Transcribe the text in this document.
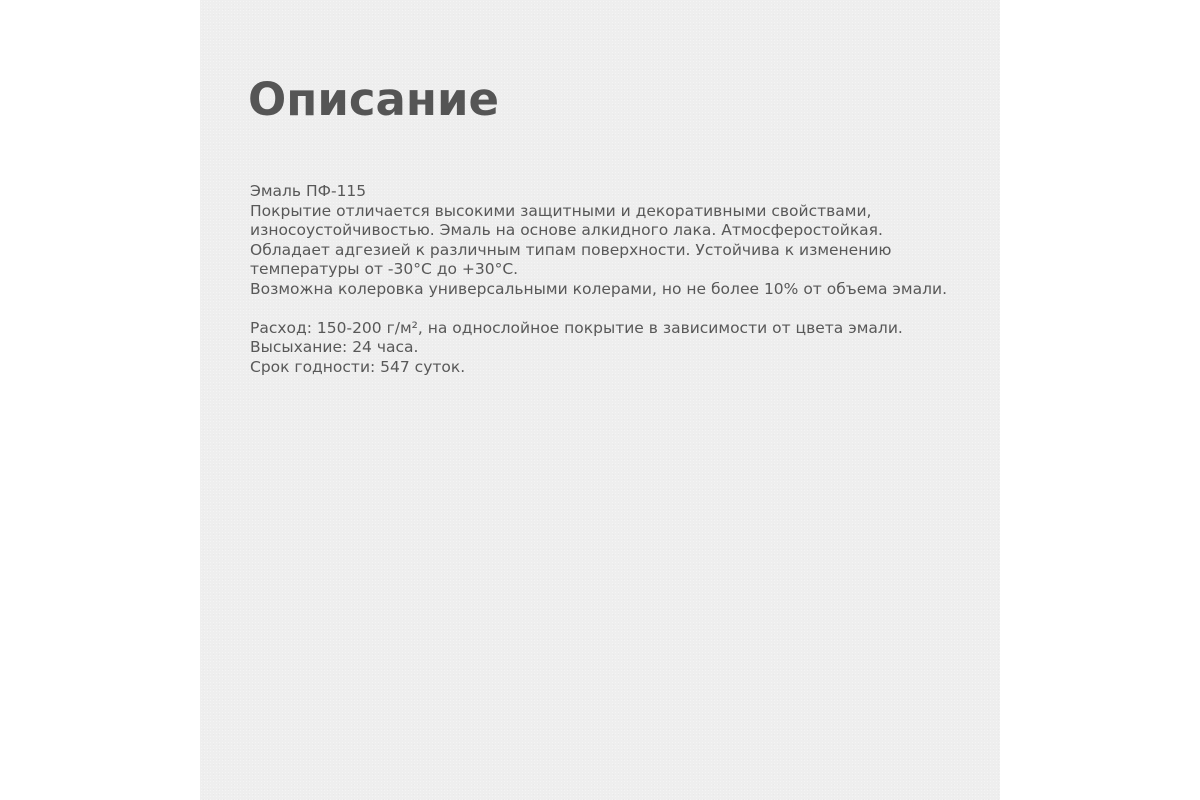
Описание
Эмаль ПФ-115
Покрытие отличается высокими защитными и декоративными свойствами,
износоустойчивостью. Эмаль на основе алкидного лака. Атмосферостойкая.
Обладает адгезией к различным типам поверхности. Устойчива к изменению
температуры от -30°C до +30°C.
Возможна колеровка универсальными колерами, но не более 10% от объема эмали.
Расход: 150-200 г/м², на однослойное покрытие в зависимости от цвета эмали.
Высыхание: 24 часа.
Срок годности: 547 суток.
